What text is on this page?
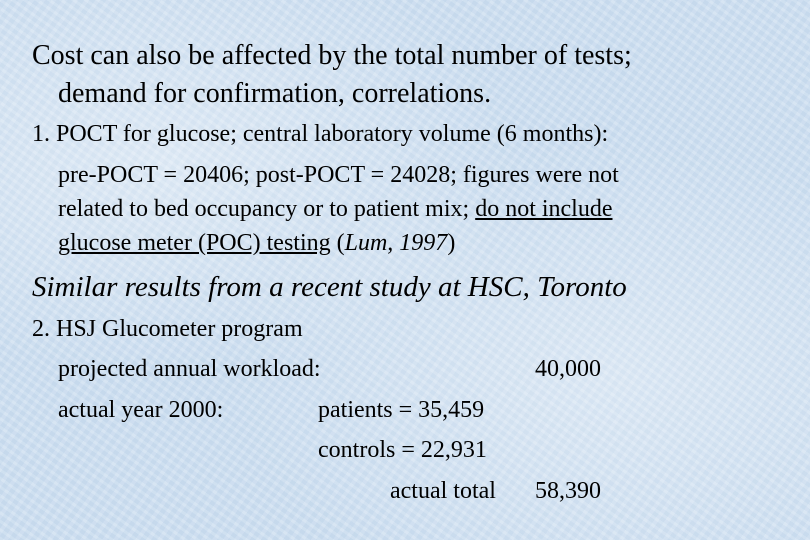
Cost can also be affected by the total number of tests;

demand for confirmation, correlations.

1. POCT for glucose; central laboratory volume (6 months):

pre-POCT = 20406; post-POCT = 24028; figures were not

related to bed occupancy or to patient mix; do not include

glucose meter (POC) testing (Lum, 1997)

Similar results from a recent study at HSC, Toronto

2. HSJ Glucometer program

projected annual workload:	40,000

actual year 2000:	patients = 35,459

controls = 22,931

actual total 58,390
